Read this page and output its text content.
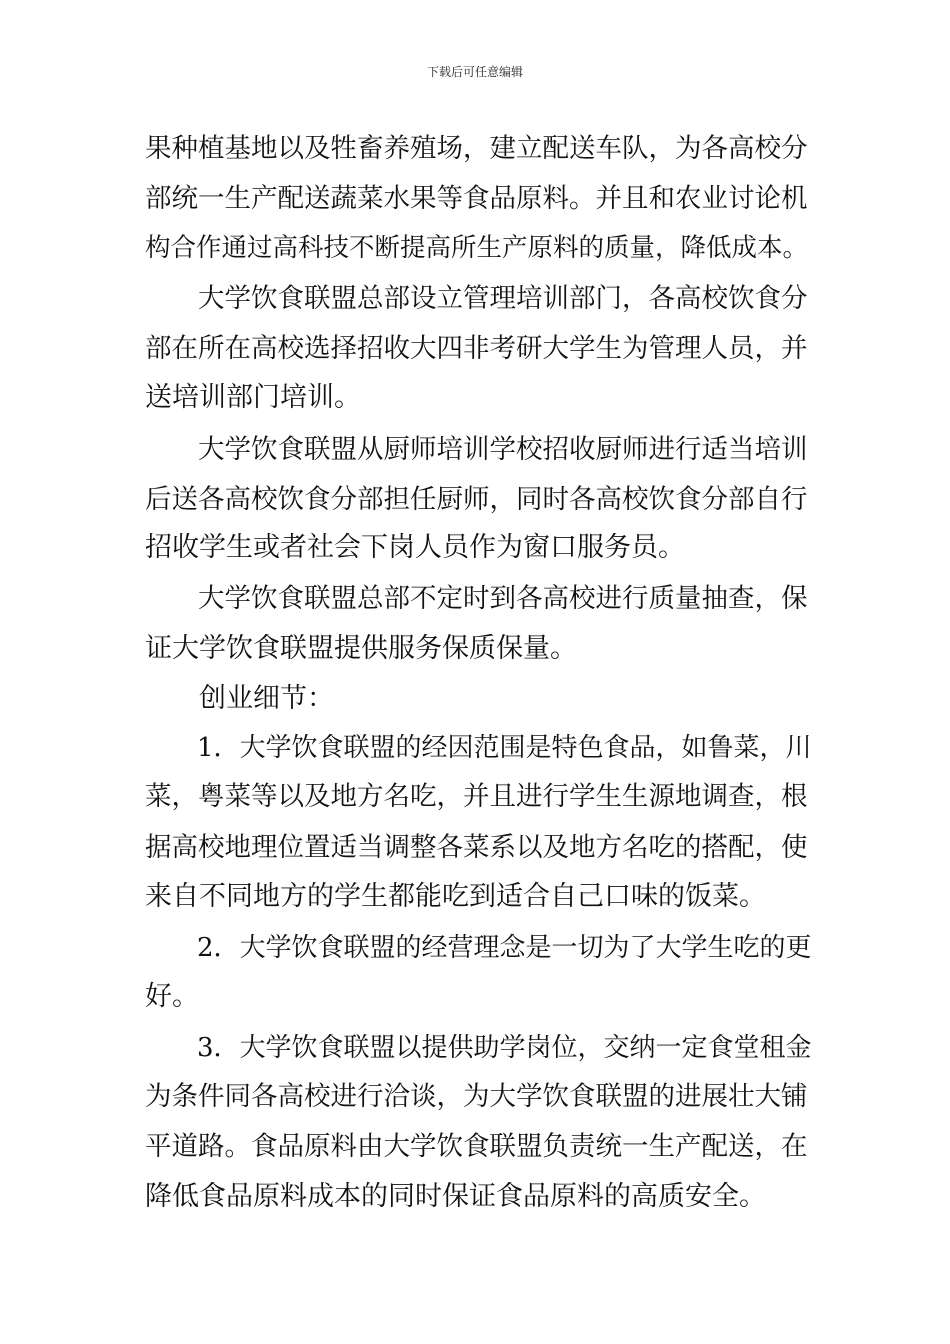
下载后可任意编辑
果种植基地以及牲畜养殖场，建立配送车队，为各高校分
部统一生产配送蔬菜水果等食品原料。并且和农业讨论机
构合作通过高科技不断提高所生产原料的质量，降低成本。
　　大学饮食联盟总部设立管理培训部门，各高校饮食分
部在所在高校选择招收大四非考研大学生为管理人员，并
送培训部门培训。
　　大学饮食联盟从厨师培训学校招收厨师进行适当培训
后送各高校饮食分部担任厨师，同时各高校饮食分部自行
招收学生或者社会下岗人员作为窗口服务员。
　　大学饮食联盟总部不定时到各高校进行质量抽查，保
证大学饮食联盟提供服务保质保量。
　　创业细节：
　　1．大学饮食联盟的经因范围是特色食品，如鲁菜，川
菜，粤菜等以及地方名吃，并且进行学生生源地调查，根
据高校地理位置适当调整各菜系以及地方名吃的搭配，使
来自不同地方的学生都能吃到适合自己口味的饭菜。
　　2．大学饮食联盟的经营理念是一切为了大学生吃的更
好。
　　3．大学饮食联盟以提供助学岗位，交纳一定食堂租金
为条件同各高校进行洽谈，为大学饮食联盟的进展壮大铺
平道路。食品原料由大学饮食联盟负责统一生产配送，在
降低食品原料成本的同时保证食品原料的高质安全。
